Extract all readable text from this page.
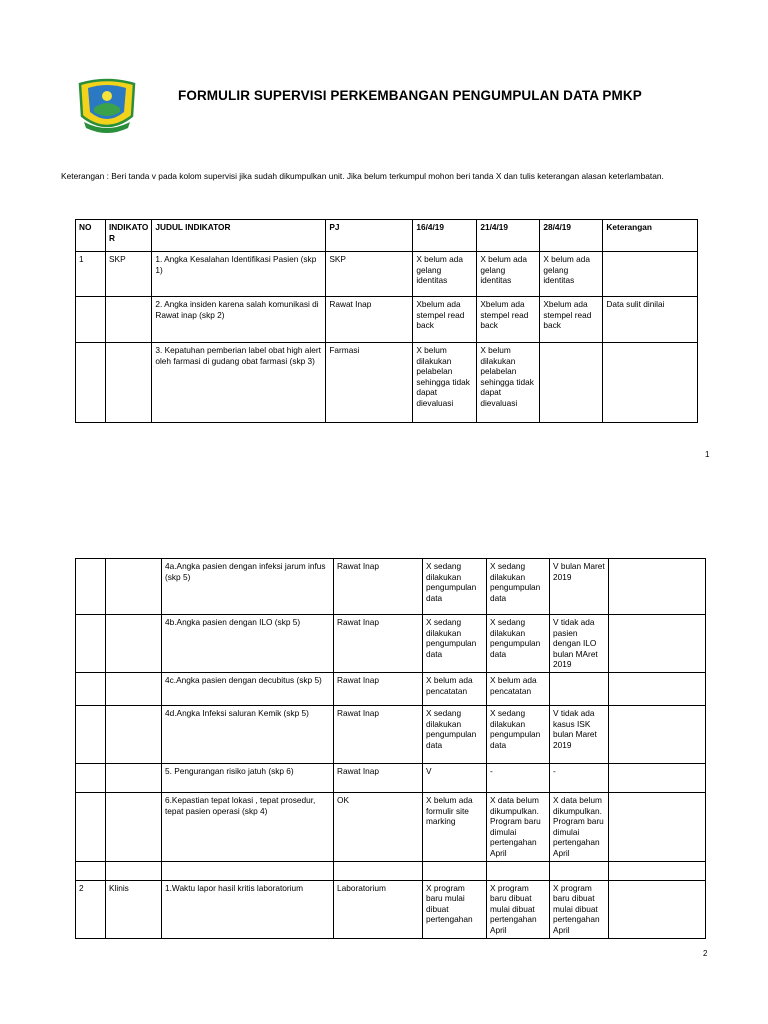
FORMULIR SUPERVISI PERKEMBANGAN PENGUMPULAN DATA PMKP
Keterangan : Beri tanda v pada kolom supervisi jika sudah dikumpulkan unit. Jika belum terkumpul mohon beri tanda X dan tulis keterangan alasan keterlambatan.
NO	INDIKATO R	JUDUL INDIKATOR	PJ	16/4/19	21/4/19	28/4/19	Keterangan
1	SKP	1. Angka Kesalahan Identifikasi Pasien (skp 1)	SKP	X belum ada gelang identitas	X belum ada gelang identitas	X belum ada gelang identitas	
		2. Angka insiden karena salah komunikasi di Rawat inap (skp 2)	Rawat Inap	Xbelum ada stempel read back	Xbelum ada stempel read back	Xbelum ada stempel read back	Data sulit dinilai
		3. Kepatuhan pemberian label obat high alert oleh farmasi di gudang obat farmasi (skp 3)	Farmasi	X belum dilakukan pelabelan sehingga tidak dapat dievaluasi	X belum dilakukan pelabelan sehingga tidak dapat dievaluasi		
1
		4a.Angka pasien dengan infeksi jarum infus (skp 5)	Rawat Inap	X sedang dilakukan pengumpulan data	X sedang dilakukan pengumpulan data	V bulan Maret 2019	
		4b.Angka pasien dengan ILO (skp 5)	Rawat Inap	X sedang dilakukan pengumpulan data	X sedang dilakukan pengumpulan data	V tidak ada pasien dengan ILO bulan MAret 2019	
		4c.Angka pasien dengan decubitus (skp 5)	Rawat Inap	X belum ada pencatatan	X belum ada pencatatan		
		4d.Angka Infeksi saluran Kemik (skp 5)	Rawat Inap	X sedang dilakukan pengumpulan data	X sedang dilakukan pengumpulan data	V tidak ada kasus ISK bulan Maret 2019	
		5. Pengurangan risiko jatuh (skp 6)	Rawat Inap	V	-	-	
		6.Kepastian tepat lokasi , tepat prosedur, tepat pasien operasi (skp 4)	OK	X belum ada formulir site marking	X data belum dikumpulkan. Program baru dimulai pertengahan April	X data belum dikumpulkan. Program baru dimulai pertengahan April	

2	Klinis	1.Waktu lapor hasil kritis laboratorium	Laboratorium	X program baru mulai dibuat pertengahan	X program baru dibuat mulai dibuat pertengahan April	X program baru dibuat mulai dibuat pertengahan April	
2
